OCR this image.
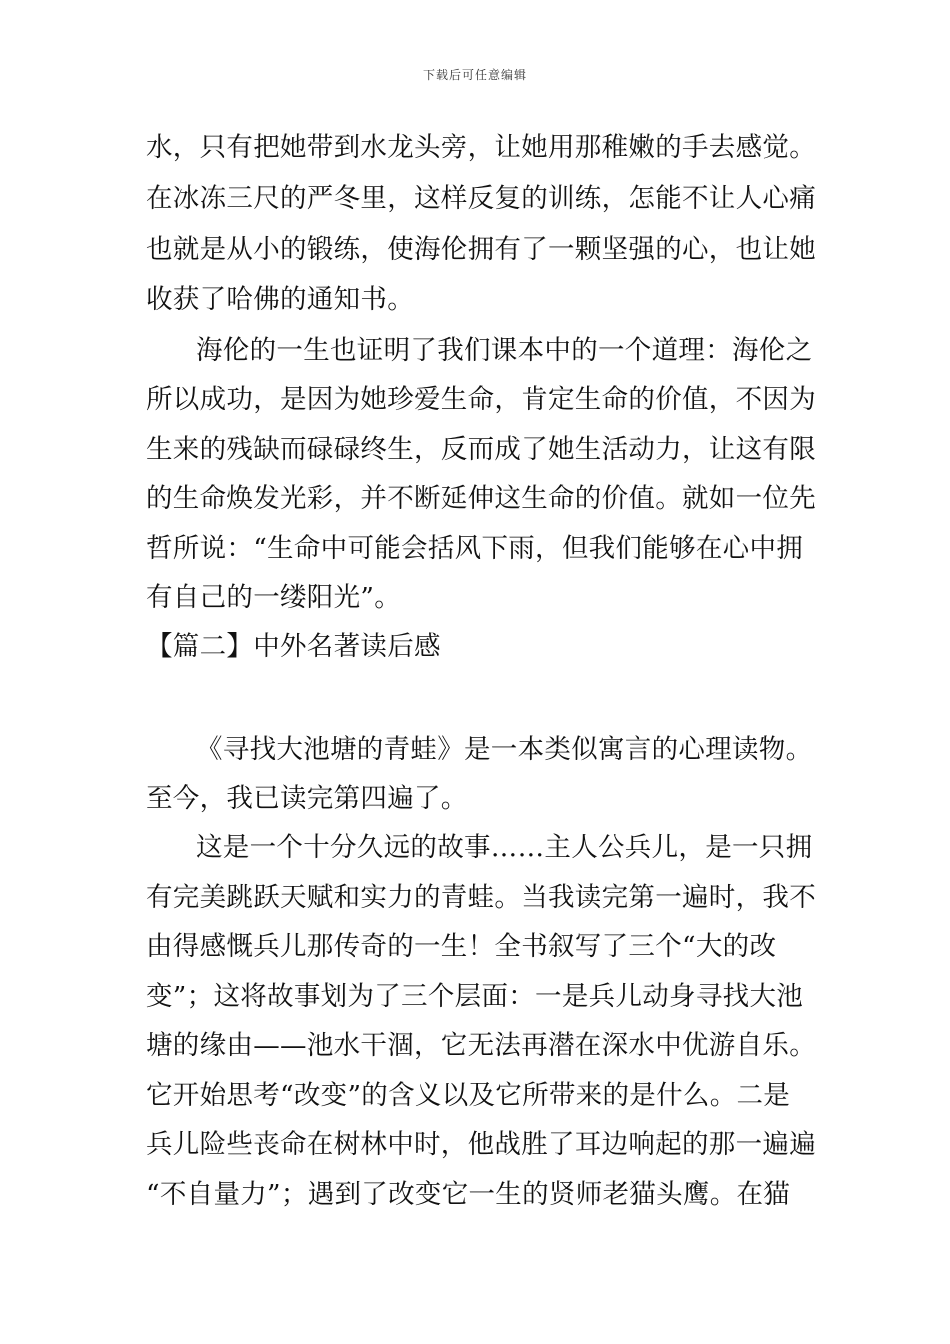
下载后可任意编辑
水，只有把她带到水龙头旁，让她用那稚嫩的手去感觉。
在冰冻三尺的严冬里，这样反复的训练，怎能不让人心痛
也就是从小的锻练，使海伦拥有了一颗坚强的心，也让她
收获了哈佛的通知书。
海伦的一生也证明了我们课本中的一个道理：海伦之
所以成功，是因为她珍爱生命，肯定生命的价值，不因为
生来的残缺而碌碌终生，反而成了她生活动力，让这有限
的生命焕发光彩，并不断延伸这生命的价值。就如一位先
哲所说：“生命中可能会括风下雨，但我们能够在心中拥
有自己的一缕阳光”。
【篇二】中外名著读后感
《寻找大池塘的青蛙》是一本类似寓言的心理读物。
至今，我已读完第四遍了。
这是一个十分久远的故事……主人公兵儿，是一只拥
有完美跳跃天赋和实力的青蛙。当我读完第一遍时，我不
由得感慨兵儿那传奇的一生！全书叙写了三个“大的改
变”；这将故事划为了三个层面：一是兵儿动身寻找大池
塘的缘由——池水干涸，它无法再潜在深水中优游自乐。
它开始思考“改变”的含义以及它所带来的是什么。二是
兵儿险些丧命在树林中时，他战胜了耳边响起的那一遍遍
“不自量力”；遇到了改变它一生的贤师老猫头鹰。在猫
